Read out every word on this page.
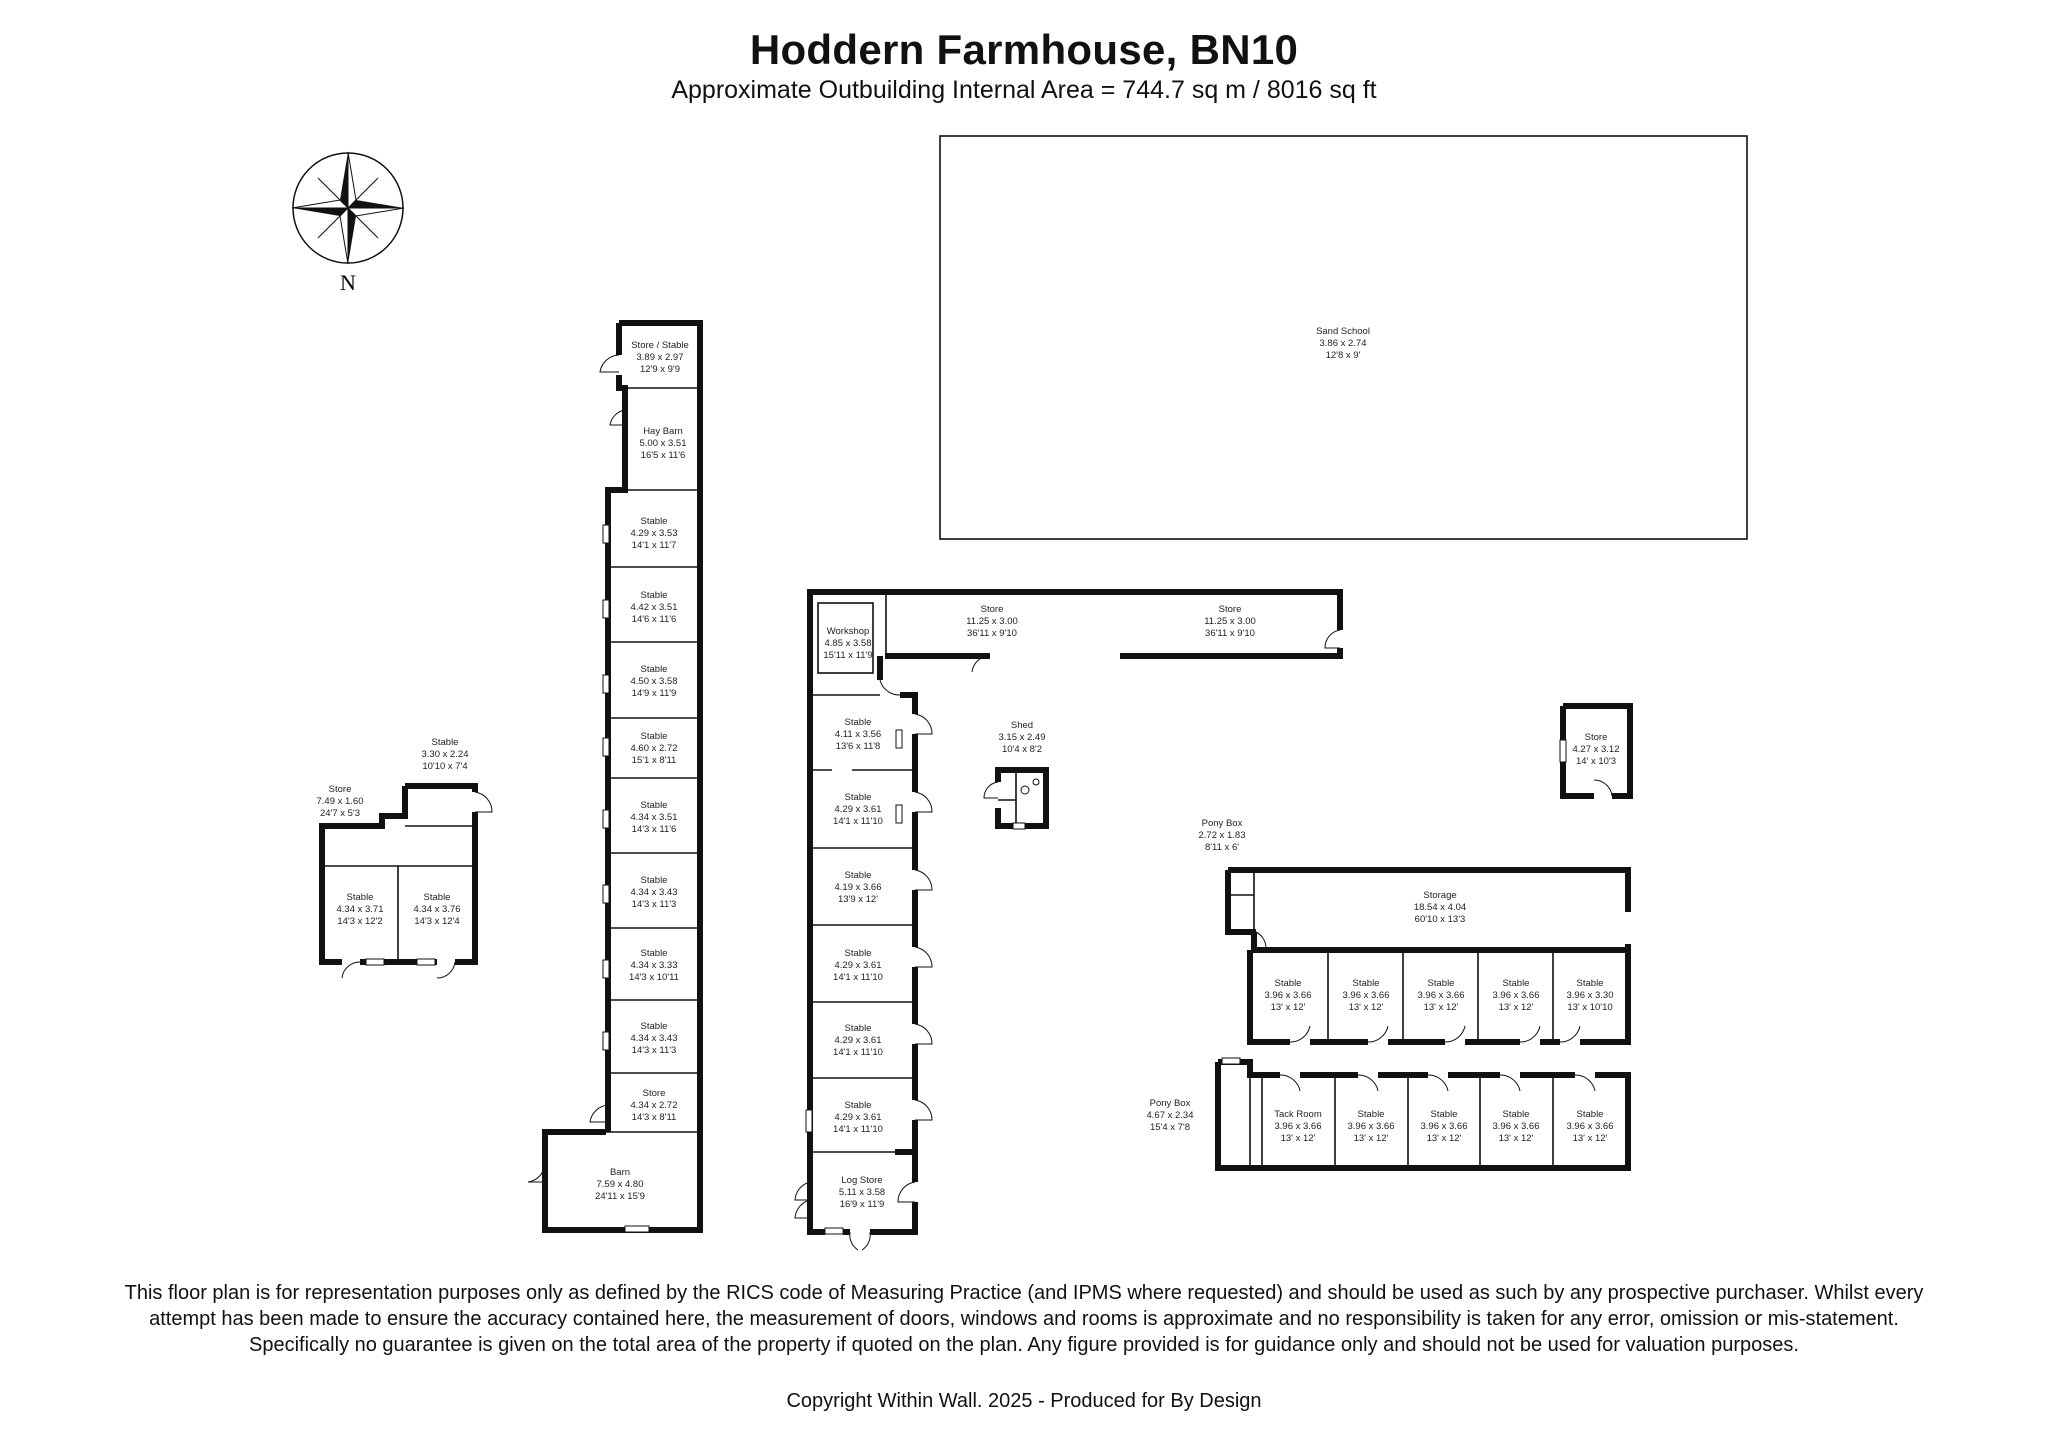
Hoddern Farmhouse, BN10
Approximate Outbuilding Internal Area = 744.7 sq m / 8016 sq ft
N
Sand School
3.86 x 2.74
12'8 x 9'
Store / Stable
3.89 x 2.97
12'9 x 9'9
Hay Barn
5.00 x 3.51
16'5 x 11'6
Stable
4.29 x 3.53
14'1 x 11'7
Stable
4.42 x 3.51
14'6 x 11'6
Stable
4.50 x 3.58
14'9 x 11'9
Stable
4.60 x 2.72
15'1 x 8'11
Stable
4.34 x 3.51
14'3 x 11'6
Stable
4.34 x 3.43
14'3 x 11'3
Stable
4.34 x 3.33
14'3 x 10'11
Stable
4.34 x 3.43
14'3 x 11'3
Store
4.34 x 2.72
14'3 x 8'11
Barn
7.59 x 4.80
24'11 x 15'9
Store
7.49 x 1.60
24'7 x 5'3
Stable
3.30 x 2.24
10'10 x 7'4
Stable
4.34 x 3.71
14'3 x 12'2
Stable
4.34 x 3.76
14'3 x 12'4
Workshop
4.85 x 3.58
15'11 x 11'9
Store
11.25 x 3.00
36'11 x 9'10
Store
11.25 x 3.00
36'11 x 9'10
Stable
4.11 x 3.56
13'6 x 11'8
Stable
4.29 x 3.61
14'1 x 11'10
Stable
4.19 x 3.66
13'9 x 12'
Stable
4.29 x 3.61
14'1 x 11'10
Stable
4.29 x 3.61
14'1 x 11'10
Stable
4.29 x 3.61
14'1 x 11'10
Log Store
5.11 x 3.58
16'9 x 11'9
Shed
3.15 x 2.49
10'4 x 8'2
Store
4.27 x 3.12
14' x 10'3
Pony Box
2.72 x 1.83
8'11 x 6'
Storage
18.54 x 4.04
60'10 x 13'3
Stable
3.96 x 3.66
13' x 12'
Stable
3.96 x 3.66
13' x 12'
Stable
3.96 x 3.66
13' x 12'
Stable
3.96 x 3.66
13' x 12'
Stable
3.96 x 3.30
13' x 10'10
Pony Box
4.67 x 2.34
15'4 x 7'8
Tack Room
3.96 x 3.66
13' x 12'
Stable
3.96 x 3.66
13' x 12'
Stable
3.96 x 3.66
13' x 12'
Stable
3.96 x 3.66
13' x 12'
Stable
3.96 x 3.66
13' x 12'
This floor plan is for representation purposes only as defined by the RICS code of Measuring Practice (and IPMS where requested) and should be used as such by any prospective purchaser. Whilst every attempt has been made to ensure the accuracy contained here, the measurement of doors, windows and rooms is approximate and no responsibility is taken for any error, omission or mis-statement. Specifically no guarantee is given on the total area of the property if quoted on the plan. Any figure provided is for guidance only and should not be used for valuation purposes.
Copyright Within Wall. 2025 - Produced for By Design
